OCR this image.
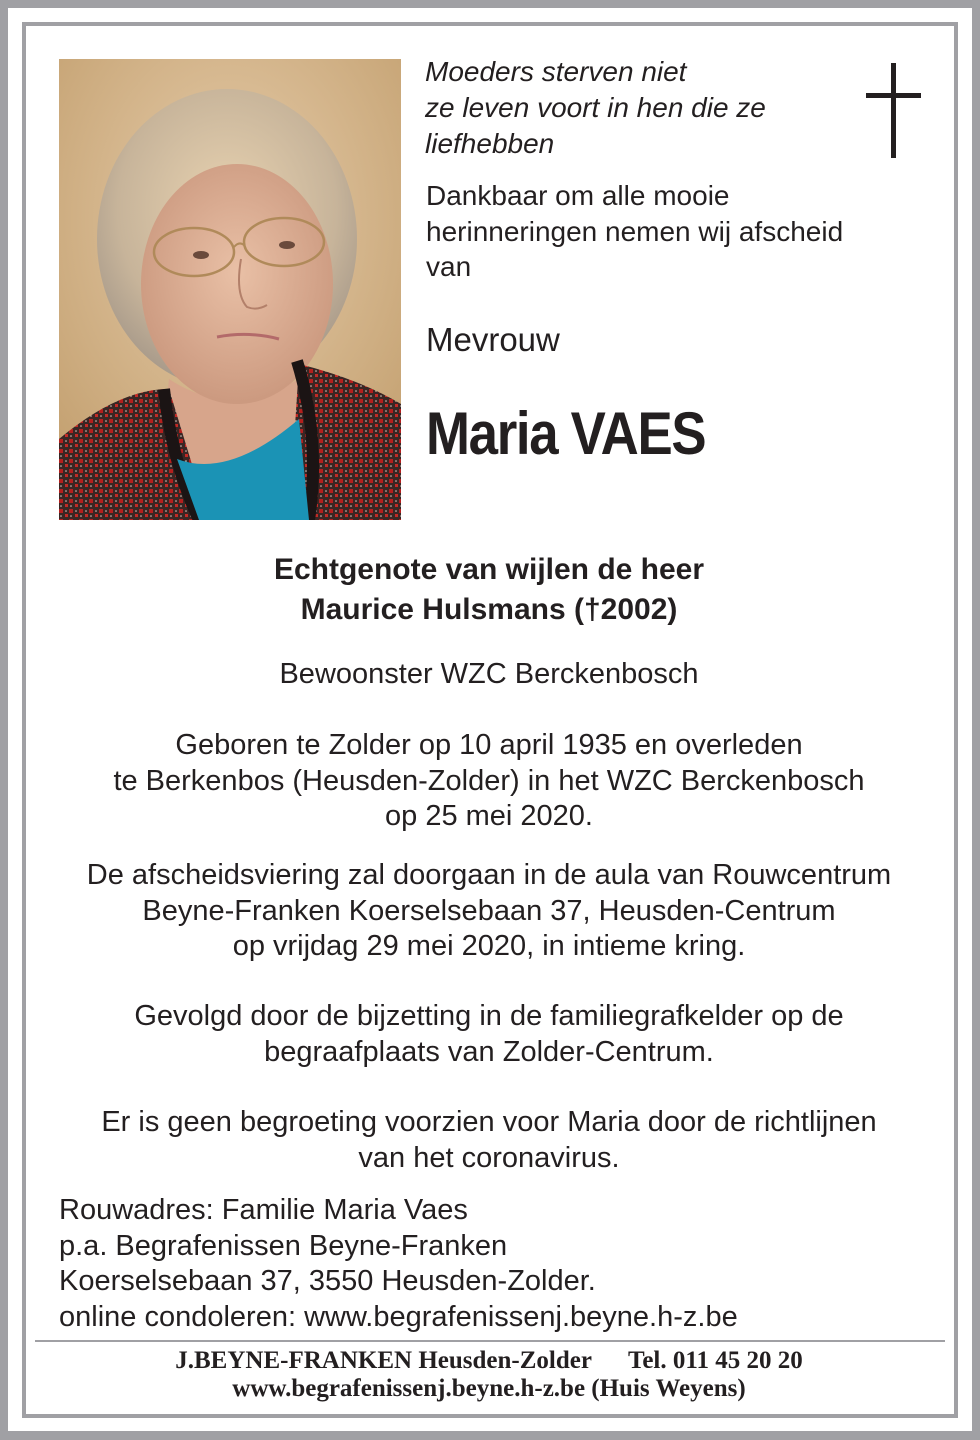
Moeders sterven niet
ze leven voort in hen die ze
liefhebben
Dankbaar om alle mooie
herinneringen nemen wij afscheid
van
Mevrouw
Maria VAES
Echtgenote van wijlen de heer
Maurice Hulsmans (†2002)
Bewoonster WZC Berckenbosch
Geboren te Zolder op 10 april 1935 en overleden
te Berkenbos (Heusden-Zolder) in het WZC Berckenbosch
op 25 mei 2020.
De afscheidsviering zal doorgaan in de aula van Rouwcentrum
Beyne-Franken Koerselsebaan 37, Heusden-Centrum
op vrijdag 29 mei 2020, in intieme kring.
Gevolgd door de bijzetting in de familiegrafkelder op de
begraafplaats van Zolder-Centrum.
Er is geen begroeting voorzien voor Maria door de richtlijnen
van het coronavirus.
Rouwadres: Familie Maria Vaes
p.a. Begrafenissen Beyne-Franken
Koerselsebaan 37, 3550 Heusden-Zolder.
online condoleren: www.begrafenissenj.beyne.h-z.be
J.BEYNE-FRANKEN Heusden-Zolder Tel. 011 45 20 20
www.begrafenissenj.beyne.h-z.be (Huis Weyens)
